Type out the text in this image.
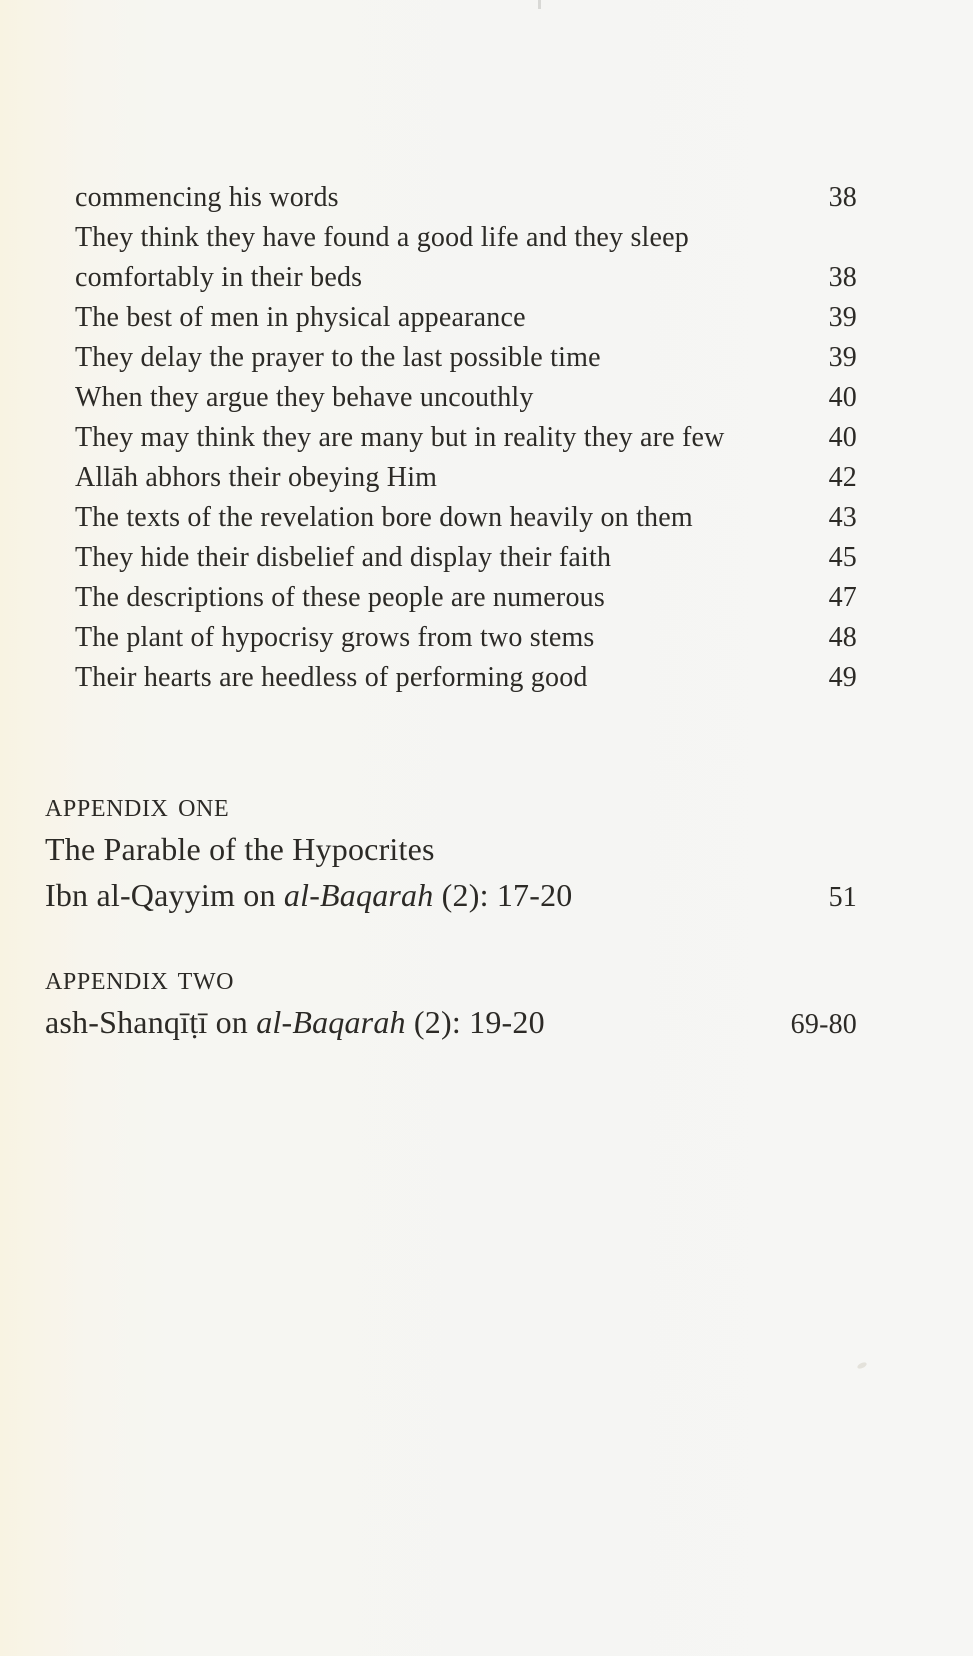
commencing his words	38
They think they have found a good life and they sleep comfortably in their beds	38
The best of men in physical appearance	39
They delay the prayer to the last possible time	39
When they argue they behave uncouthly	40
They may think they are many but in reality they are few	40
Allāh abhors their obeying Him	42
The texts of the revelation bore down heavily on them	43
They hide their disbelief and display their faith	45
The descriptions of these people are numerous	47
The plant of hypocrisy grows from two stems	48
Their hearts are heedless of performing good	49
APPENDIX ONE
The Parable of the Hypocrites
Ibn al-Qayyim on al-Baqarah (2): 17-20	51
APPENDIX TWO
ash-Shanqīṭī on al-Baqarah (2): 19-20	69-80
